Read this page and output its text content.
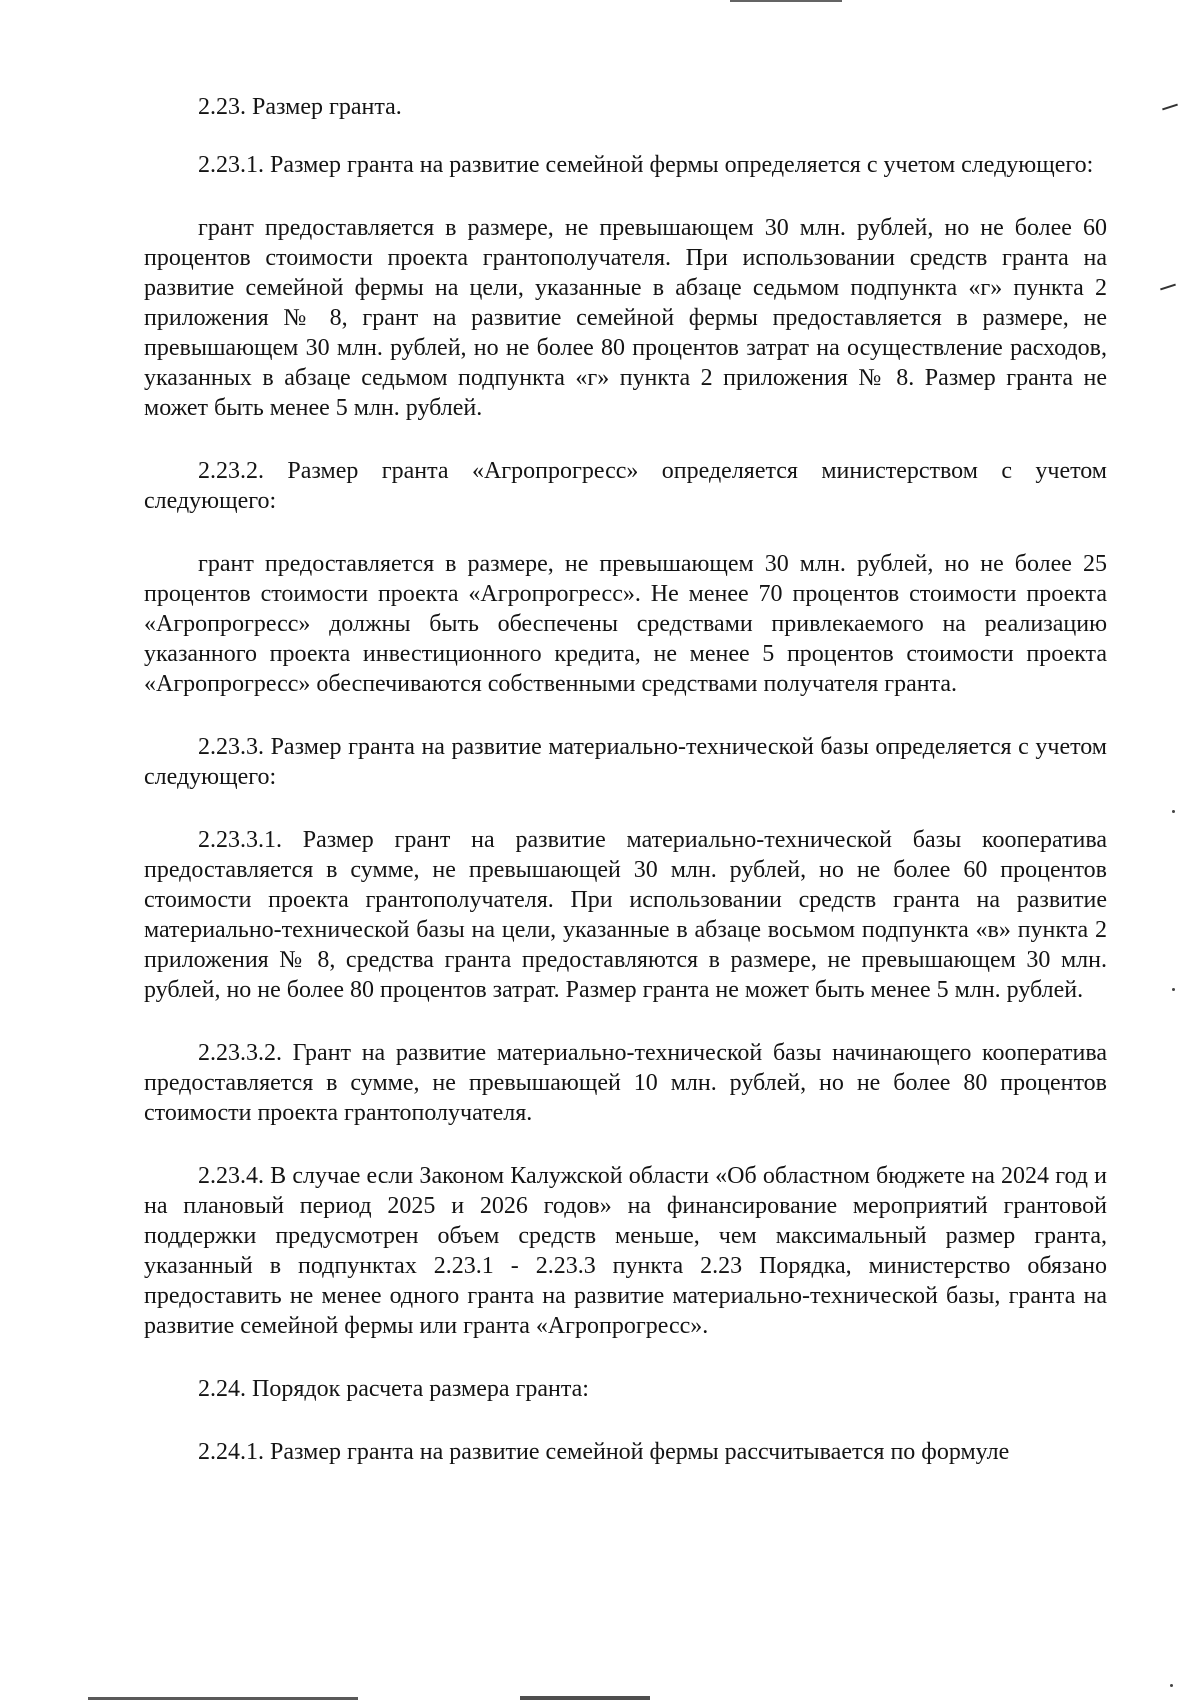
2.23. Размер гранта.

2.23.1. Размер гранта на развитие семейной фермы определяется с учетом следующего:

грант предоставляется в размере, не превышающем 30 млн. рублей, но не более 60 процентов стоимости проекта грантополучателя. При использовании средств гранта на развитие семейной фермы на цели, указанные в абзаце седьмом подпункта «г» пункта 2 приложения № 8, грант на развитие семейной фермы предоставляется в размере, не превышающем 30 млн. рублей, но не более 80 процентов затрат на осуществление расходов, указанных в абзаце седьмом подпункта «г» пункта 2 приложения № 8. Размер гранта не может быть менее 5 млн. рублей.

2.23.2. Размер гранта «Агропрогресс» определяется министерством с учетом следующего:

грант предоставляется в размере, не превышающем 30 млн. рублей, но не более 25 процентов стоимости проекта «Агропрогресс». Не менее 70 процентов стоимости проекта «Агропрогресс» должны быть обеспечены средствами привлекаемого на реализацию указанного проекта инвестиционного кредита, не менее 5 процентов стоимости проекта «Агропрогресс» обеспечиваются собственными средствами получателя гранта.

2.23.3. Размер гранта на развитие материально-технической базы определяется с учетом следующего:

2.23.3.1. Размер грант на развитие материально-технической базы кооператива предоставляется в сумме, не превышающей 30 млн. рублей, но не более 60 процентов стоимости проекта грантополучателя. При использовании средств гранта на развитие материально-технической базы на цели, указанные в абзаце восьмом подпункта «в» пункта 2 приложения № 8, средства гранта предоставляются в размере, не превышающем 30 млн. рублей, но не более 80 процентов затрат. Размер гранта не может быть менее 5 млн. рублей.

2.23.3.2. Грант на развитие материально-технической базы начинающего кооператива предоставляется в сумме, не превышающей 10 млн. рублей, но не более 80 процентов стоимости проекта грантополучателя.

2.23.4. В случае если Законом Калужской области «Об областном бюджете на 2024 год и на плановый период 2025 и 2026 годов» на финансирование мероприятий грантовой поддержки предусмотрен объем средств меньше, чем максимальный размер гранта, указанный в подпунктах 2.23.1 - 2.23.3 пункта 2.23 Порядка, министерство обязано предоставить не менее одного гранта на развитие материально-технической базы, гранта на развитие семейной фермы или гранта «Агропрогресс».

2.24. Порядок расчета размера гранта:

2.24.1. Размер гранта на развитие семейной фермы рассчитывается по формуле
